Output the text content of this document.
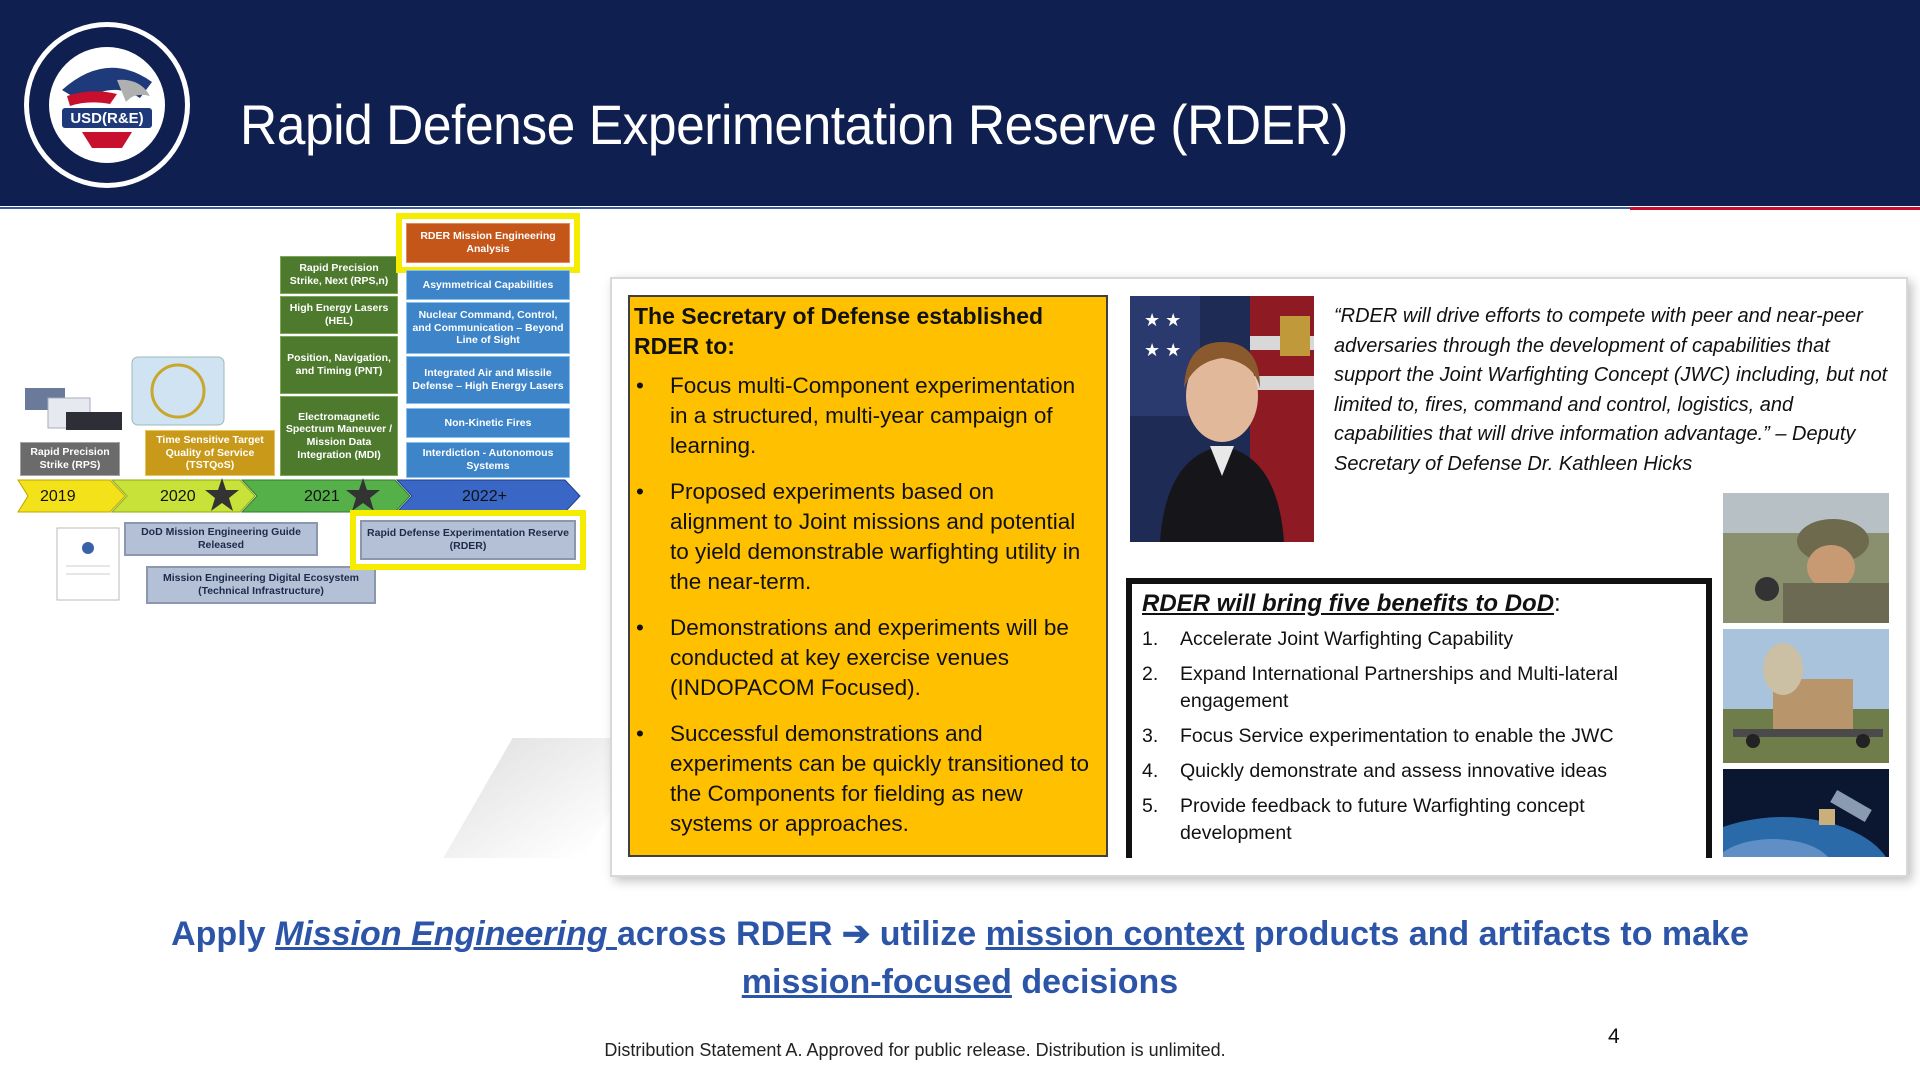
USD(R&E) Rapid Defense Experimentation Reserve (RDER)
2019	2020	2021	2022+
Rapid Precision Strike (RPS)
Time Sensitive Target Quality of Service (TSTQoS)
Rapid Precision Strike, Next (RPS,n)
High Energy Lasers (HEL)
Position, Navigation, and Timing (PNT)
Electromagnetic Spectrum Maneuver / Mission Data Integration (MDI)
RDER Mission Engineering Analysis
Asymmetrical Capabilities
Nuclear Command, Control, and Communication – Beyond Line of Sight
Integrated Air and Missile Defense – High Energy Lasers
Non-Kinetic Fires
Interdiction - Autonomous Systems
DoD Mission Engineering Guide Released
Mission Engineering Digital Ecosystem (Technical Infrastructure)
Rapid Defense Experimentation Reserve (RDER)
The Secretary of Defense established RDER to:
• Focus multi-Component experimentation in a structured, multi-year campaign of learning.
• Proposed experiments based on alignment to Joint missions and potential to yield demonstrable warfighting utility in the near-term.
• Demonstrations and experiments will be conducted at key exercise venues (INDOPACOM Focused).
• Successful demonstrations and experiments can be quickly transitioned to the Components for fielding as new systems or approaches.
★ ★
★ ★
“RDER will drive efforts to compete with peer and near-peer adversaries through the development of capabilities that support the Joint Warfighting Concept (JWC) including, but not limited to, fires, command and control, logistics, and capabilities that will drive information advantage.” – Deputy Secretary of Defense Dr. Kathleen Hicks
RDER will bring five benefits to DoD:
1. Accelerate Joint Warfighting Capability
2. Expand International Partnerships and Multi-lateral engagement
3. Focus Service experimentation to enable the JWC
4. Quickly demonstrate and assess innovative ideas
5. Provide feedback to future Warfighting concept development
Apply Mission Engineering across RDER ➔ utilize mission context products and artifacts to make
mission-focused decisions
Distribution Statement A. Approved for public release. Distribution is unlimited.
4
